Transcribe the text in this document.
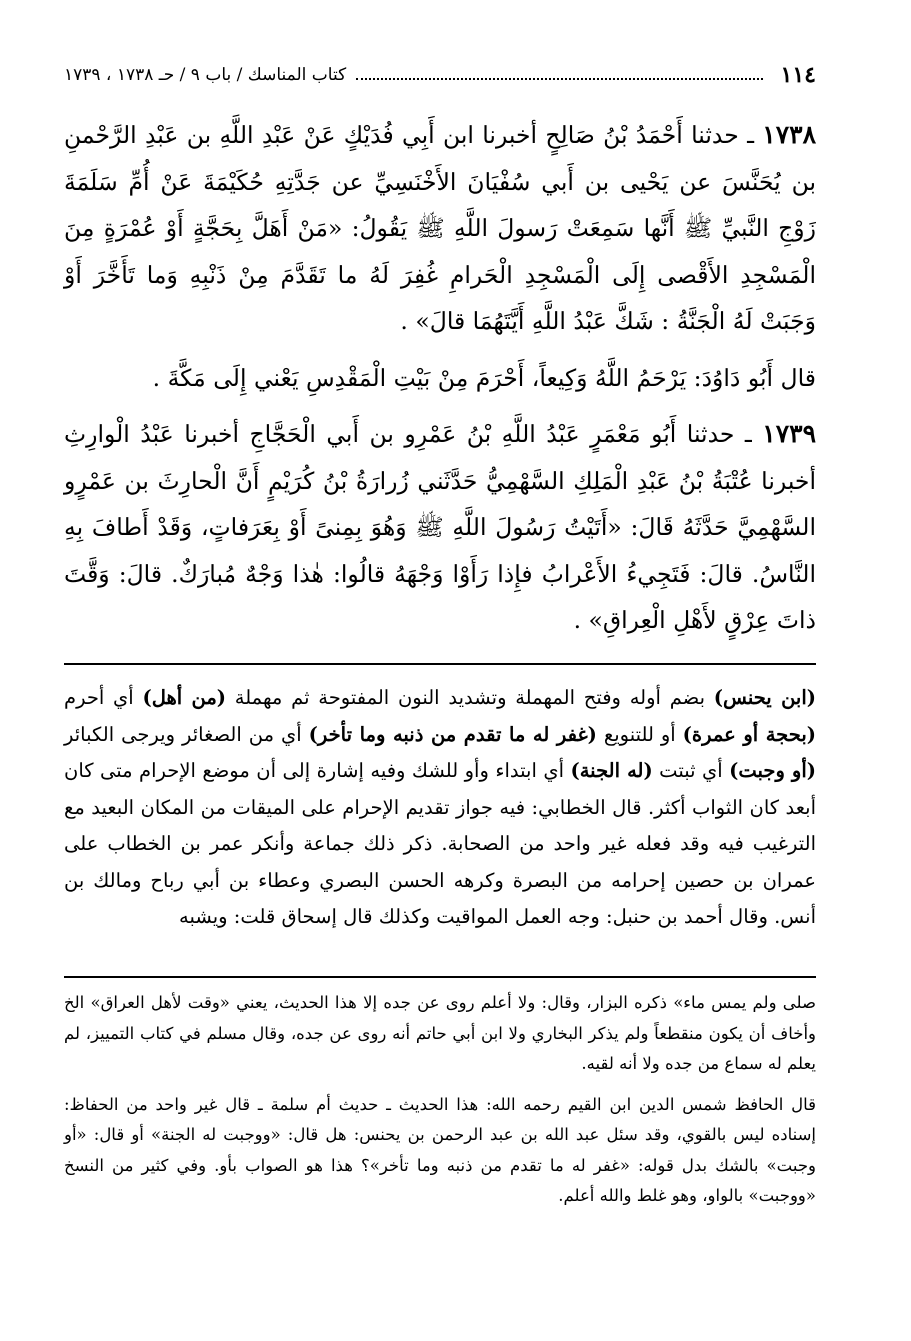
١١٤
كتاب المناسك / باب ٩ / حـ ١٧٣٨ ، ١٧٣٩

١٧٣٨ ـ حدثنا أَحْمَدُ بْنُ صَالِحٍ أخبرنا ابن أَبِي فُدَيْكٍ عَنْ عَبْدِ اللَّهِ بن عَبْدِ الرَّحْمنِ بن يُحَنَّسَ عن يَحْيى بن أَبي سُفْيَانَ الأَخْنَسِيِّ عن جَدَّتِهِ حُكَيْمَةَ عَنْ أُمِّ سَلَمَةَ زَوْجِ النَّبيِّ ﷺ أَنَّها سَمِعَتْ رَسولَ اللَّهِ ﷺ يَقُولُ: «مَنْ أَهَلَّ بِحَجَّةٍ أَوْ عُمْرَةٍ مِنَ الْمَسْجِدِ الأَقْصى إِلَى الْمَسْجِدِ الْحَرامِ غُفِرَ لَهُ ما تَقَدَّمَ مِنْ ذَنْبِهِ وَما تَأَخَّرَ أَوْ وَجَبَتْ لَهُ الْجَنَّةُ : شَكَّ عَبْدُ اللَّهِ أَيَّتَهُمَا قالَ» .

قال أَبُو دَاوُدَ: يَرْحَمُ اللَّهُ وَكِيعاً، أَحْرَمَ مِنْ بَيْتِ الْمَقْدِسِ يَعْني إِلَى مَكَّةَ .

١٧٣٩ ـ حدثنا أَبُو مَعْمَرٍ عَبْدُ اللَّهِ بْنُ عَمْرِو بن أَبي الْحَجَّاجِ أخبرنا عَبْدُ الْوارِثِ أخبرنا عُتْبَةُ بْنُ عَبْدِ الْمَلِكِ السَّهْمِيُّ حَدَّثَني زُرارَةُ بْنُ كُرَيْمٍ أَنَّ الْحارِثَ بن عَمْرٍو السَّهْمِيَّ حَدَّثَهُ قَالَ: «أَتَيْتُ رَسُولَ اللَّهِ ﷺ وَهُوَ بِمِنىً أَوْ بِعَرَفاتٍ، وَقَدْ أَطافَ بِهِ النَّاسُ. قالَ: فَتَجِيءُ الأَعْرابُ فإِذا رَأَوْا وَجْهَهُ قالُوا: هٰذا وَجْهٌ مُبارَكٌ. قالَ: وَقَّتَ ذاتَ عِرْقٍ لأَهْلِ الْعِراقِ» .

(ابن يحنس) بضم أوله وفتح المهملة وتشديد النون المفتوحة ثم مهملة (من أهل) أي أحرم (بحجة أو عمرة) أو للتنويع (غفر له ما تقدم من ذنبه وما تأخر) أي من الصغائر ويرجى الكبائر (أو وجبت) أي ثبتت (له الجنة) أي ابتداء وأو للشك وفيه إشارة إلى أن موضع الإحرام متى كان أبعد كان الثواب أكثر. قال الخطابي: فيه جواز تقديم الإحرام على الميقات من المكان البعيد مع الترغيب فيه وقد فعله غير واحد من الصحابة. ذكر ذلك جماعة وأنكر عمر بن الخطاب على عمران بن حصين إحرامه من البصرة وكرهه الحسن البصري وعطاء بن أبي رباح ومالك بن أنس. وقال أحمد بن حنبل: وجه العمل المواقيت وكذلك قال إسحاق قلت: ويشبه

صلى ولم يمس ماء» ذكره البزار، وقال: ولا أعلم روى عن جده إلا هذا الحديث، يعني «وقت لأهل العراق» الخ وأخاف أن يكون منقطعاً ولم يذكر البخاري ولا ابن أبي حاتم أنه روى عن جده، وقال مسلم في كتاب التمييز، لم يعلم له سماع من جده ولا أنه لقيه.

قال الحافظ شمس الدين ابن القيم رحمه الله: هذا الحديث ـ حديث أم سلمة ـ قال غير واحد من الحفاظ: إسناده ليس بالقوي، وقد سئل عبد الله بن عبد الرحمن بن يحنس: هل قال: «ووجبت له الجنة» أو قال: «أو وجبت» بالشك بدل قوله: «غفر له ما تقدم من ذنبه وما تأخر»؟ هذا هو الصواب بأو. وفي كثير من النسخ «ووجبت» بالواو، وهو غلط والله أعلم.
